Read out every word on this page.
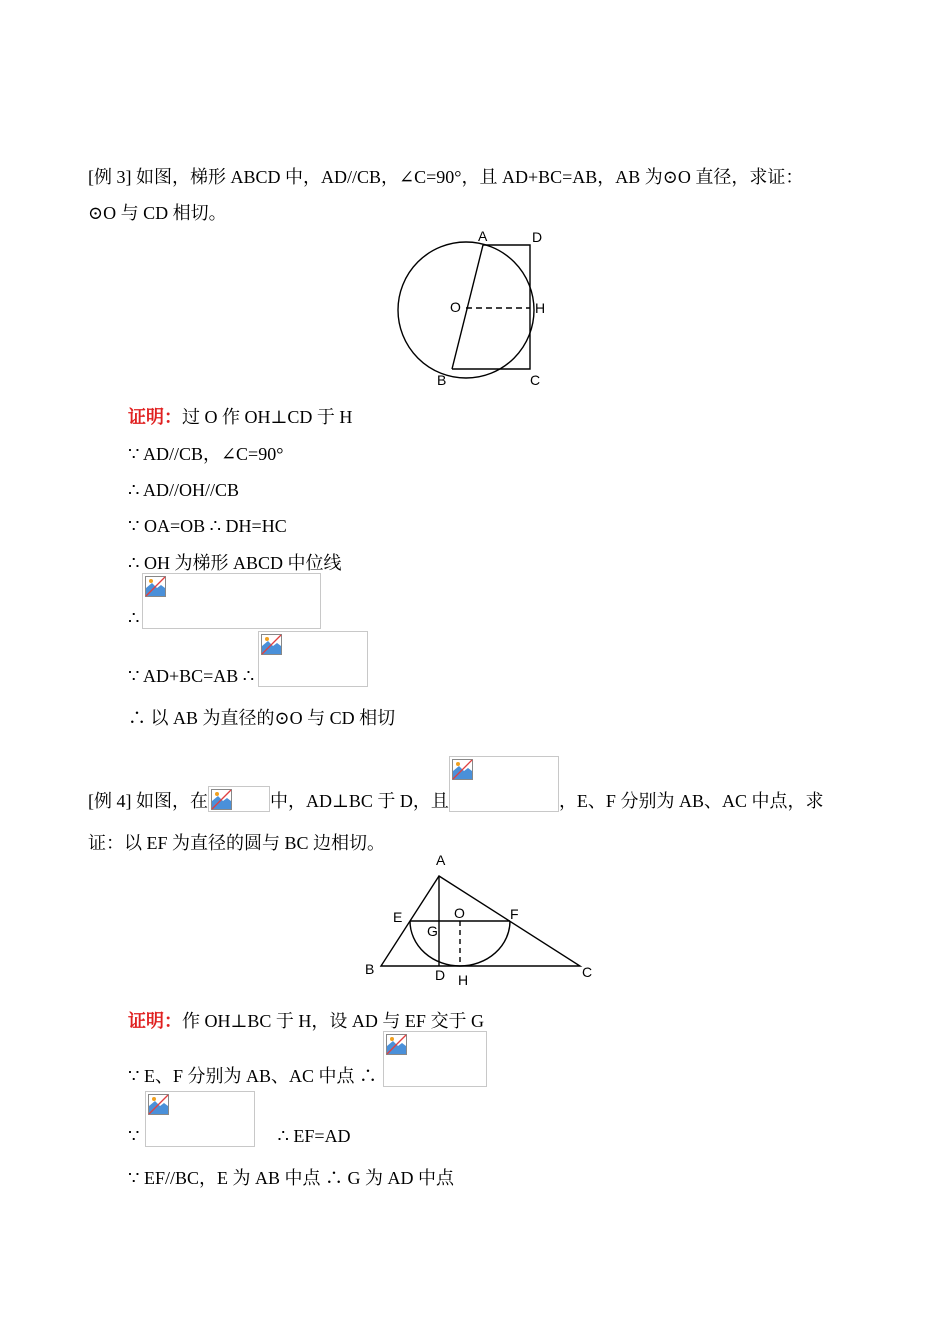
[例 3] 如图，梯形 ABCD 中，AD//CB，∠C=90°，且 AD+BC=AB，AB 为⊙O 直径，求证：
⊙O 与 CD 相切。
A	D
O	H
B	C
证明：过 O 作 OH⊥CD 于 H
∵ AD//CB，∠C=90°
∴ AD//OH//CB
∵ OA=OB ∴ DH=HC
∴ OH 为梯形 ABCD 中位线
∴
∵ AD+BC=AB ∴
∴ 以 AB 为直径的⊙O 与 CD 相切
[例 4] 如图，在	中，AD⊥BC 于 D，且	，E、F 分别为 AB、AC 中点，求
证：以 EF 为直径的圆与 BC 边相切。
A
E	O	F
G
B	D H	C
证明：作 OH⊥BC 于 H，设 AD 与 EF 交于 G
∵ E、F 分别为 AB、AC 中点 ∴
∵	∴ EF=AD
∵ EF//BC，E 为 AB 中点 ∴ G 为 AD 中点
